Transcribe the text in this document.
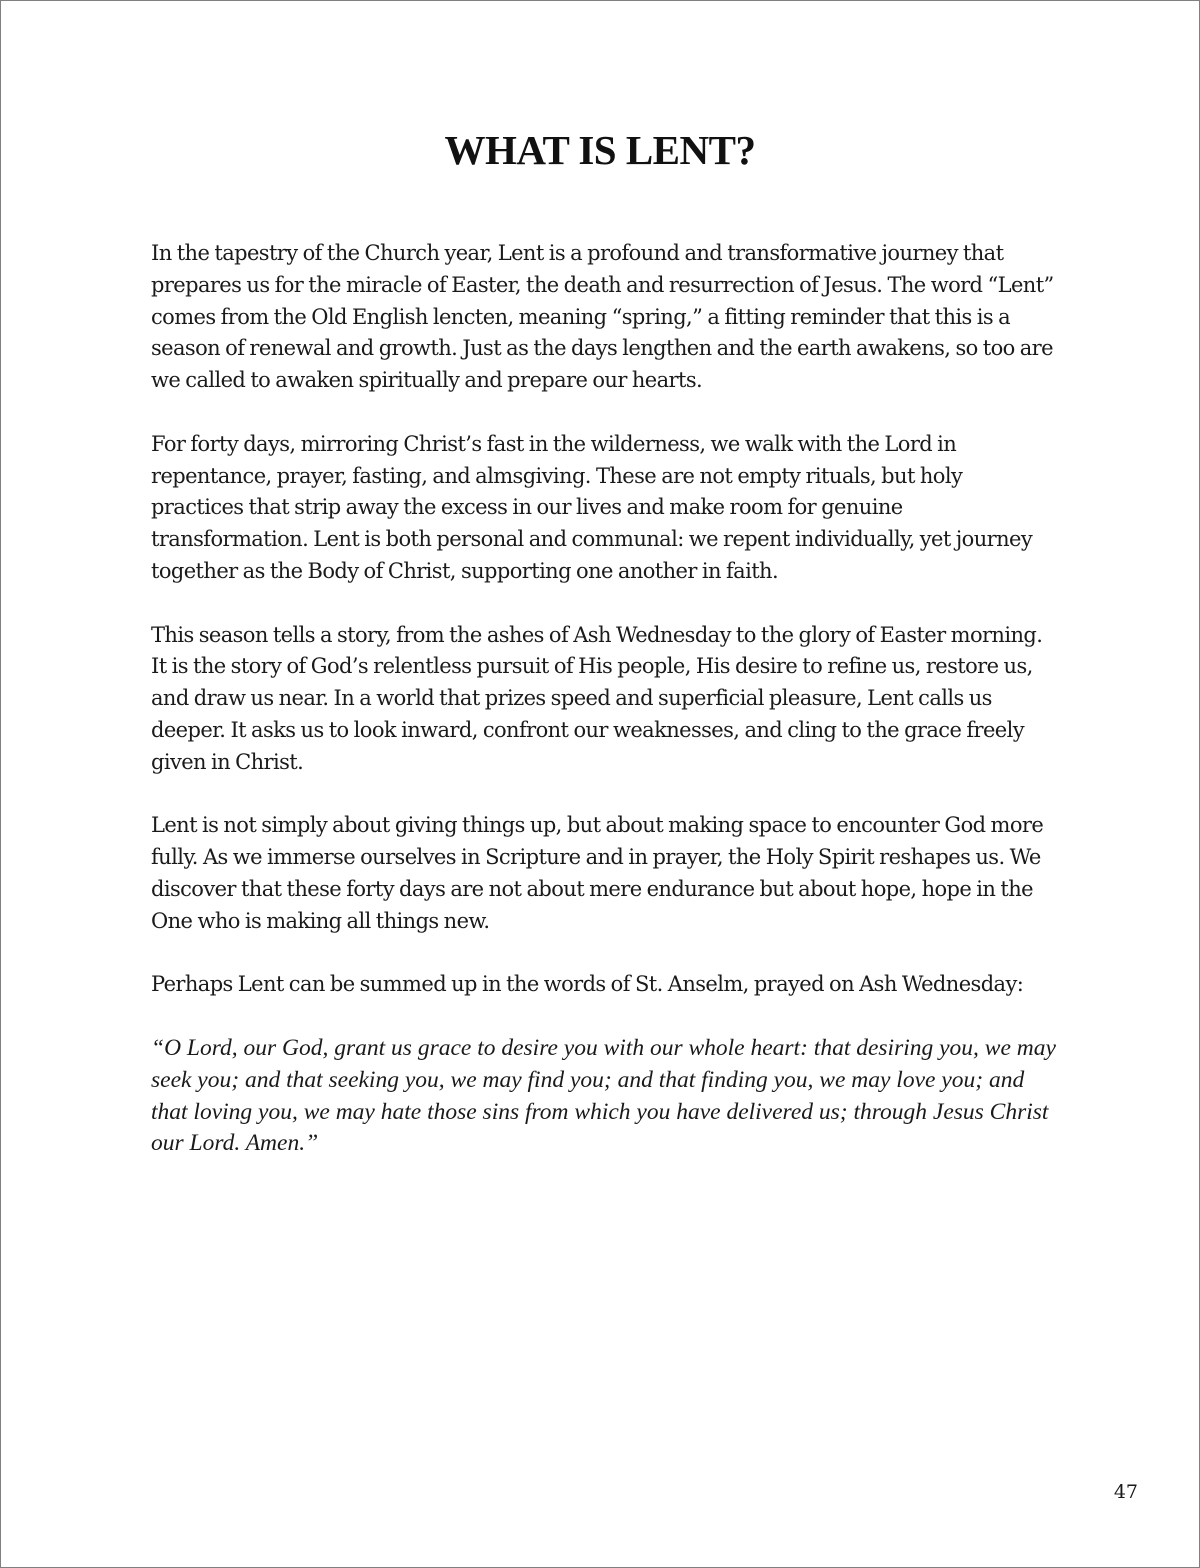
WHAT IS LENT?

In the tapestry of the Church year, Lent is a profound and transformative journey that prepares us for the miracle of Easter, the death and resurrection of Jesus. The word “Lent” comes from the Old English lencten, meaning “spring,” a fitting reminder that this is a season of renewal and growth. Just as the days lengthen and the earth awakens, so too are we called to awaken spiritually and prepare our hearts.

For forty days, mirroring Christ’s fast in the wilderness, we walk with the Lord in repentance, prayer, fasting, and almsgiving. These are not empty rituals, but holy practices that strip away the excess in our lives and make room for genuine transformation. Lent is both personal and communal: we repent individually, yet journey together as the Body of Christ, supporting one another in faith.

This season tells a story, from the ashes of Ash Wednesday to the glory of Easter morning. It is the story of God’s relentless pursuit of His people, His desire to refine us, restore us, and draw us near. In a world that prizes speed and superficial pleasure, Lent calls us deeper. It asks us to look inward, confront our weaknesses, and cling to the grace freely given in Christ.

Lent is not simply about giving things up, but about making space to encounter God more fully. As we immerse ourselves in Scripture and in prayer, the Holy Spirit reshapes us. We discover that these forty days are not about mere endurance but about hope, hope in the One who is making all things new.

Perhaps Lent can be summed up in the words of St. Anselm, prayed on Ash Wednesday:

“O Lord, our God, grant us grace to desire you with our whole heart: that desiring you, we may seek you; and that seeking you, we may find you; and that finding you, we may love you; and that loving you, we may hate those sins from which you have delivered us; through Jesus Christ our Lord. Amen.”

47
